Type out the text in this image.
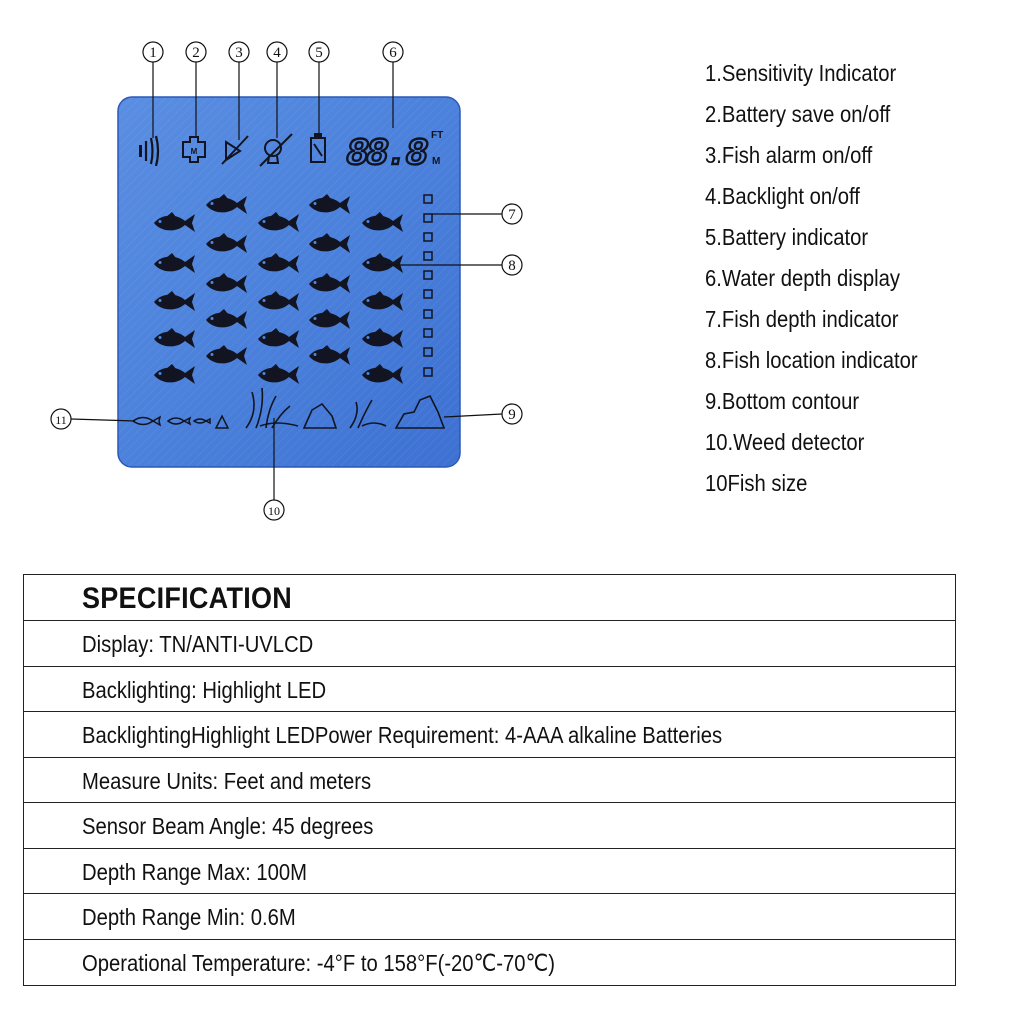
M	88.8 FT
M
1 2 3 4 5	6
7
8
9
10
11
1.Sensitivity Indicator
2.Battery save on/off
3.Fish alarm on/off
4.Backlight on/off
5.Battery indicator
6.Water depth display
7.Fish depth indicator
8.Fish location indicator
9.Bottom contour
10.Weed detector
10Fish size
SPECIFICATION
Display: TN/ANTI-UVLCD
Backlighting: Highlight LED
BacklightingHighlight LEDPower Requirement: 4-AAA alkaline Batteries
Measure Units: Feet and meters
Sensor Beam Angle: 45 degrees
Depth Range Max: 100M
Depth Range Min: 0.6M
Operational Temperature: -4°F to 158°F(-20℃-70℃)
